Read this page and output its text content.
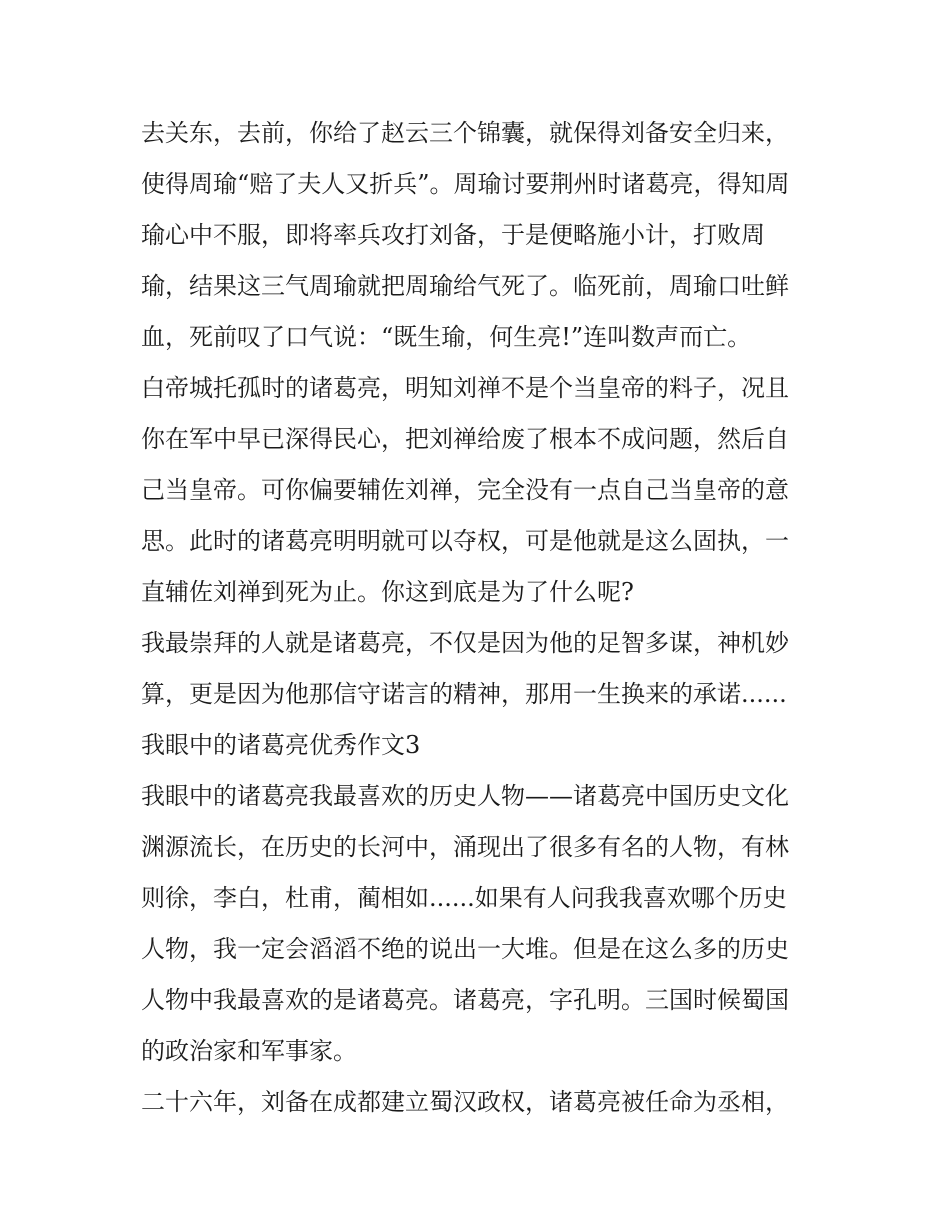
去关东，去前，你给了赵云三个锦囊，就保得刘备安全归来，
使得周瑜“赔了夫人又折兵”。周瑜讨要荆州时诸葛亮，得知周
瑜心中不服，即将率兵攻打刘备，于是便略施小计，打败周
瑜，结果这三气周瑜就把周瑜给气死了。临死前，周瑜口吐鲜
血，死前叹了口气说：“既生瑜，何生亮!”连叫数声而亡。
白帝城托孤时的诸葛亮，明知刘禅不是个当皇帝的料子，况且
你在军中早已深得民心，把刘禅给废了根本不成问题，然后自
己当皇帝。可你偏要辅佐刘禅，完全没有一点自己当皇帝的意
思。此时的诸葛亮明明就可以夺权，可是他就是这么固执，一
直辅佐刘禅到死为止。你这到底是为了什么呢?
我最崇拜的人就是诸葛亮，不仅是因为他的足智多谋，神机妙
算，更是因为他那信守诺言的精神，那用一生换来的承诺......
我眼中的诸葛亮优秀作文3
我眼中的诸葛亮我最喜欢的历史人物——诸葛亮中国历史文化
渊源流长，在历史的长河中，涌现出了很多有名的人物，有林
则徐，李白，杜甫，蔺相如......如果有人问我我喜欢哪个历史
人物，我一定会滔滔不绝的说出一大堆。但是在这么多的历史
人物中我最喜欢的是诸葛亮。诸葛亮，字孔明。三国时候蜀国
的政治家和军事家。
二十六年，刘备在成都建立蜀汉政权，诸葛亮被任命为丞相，
